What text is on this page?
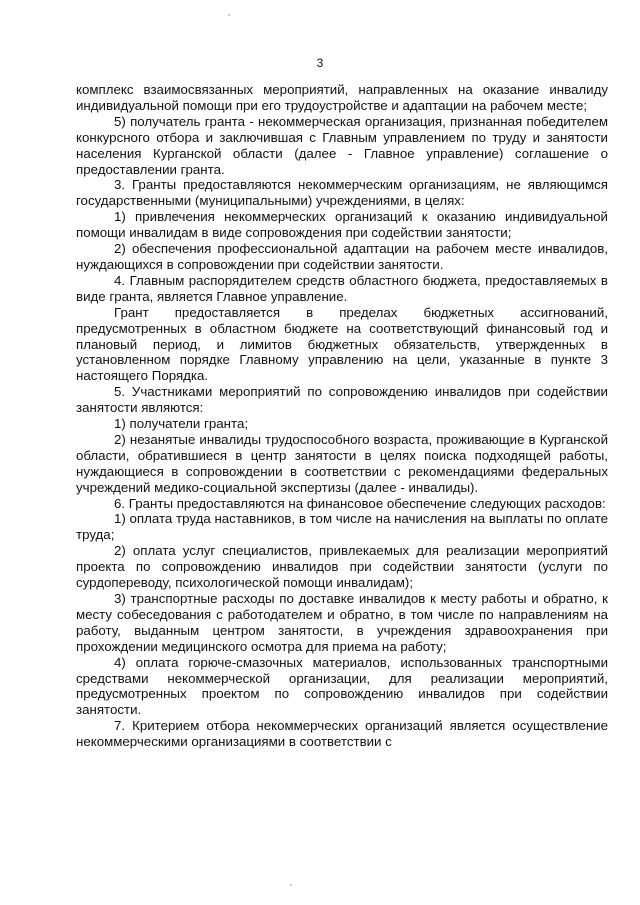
3

комплекс взаимосвязанных мероприятий, направленных на оказание инвалиду индивидуальной помощи при его трудоустройстве и адаптации на рабочем месте;

5) получатель гранта - некоммерческая организация, признанная победителем конкурсного отбора и заключившая с Главным управлением по труду и занятости населения Курганской области (далее - Главное управление) соглашение о предоставлении гранта.

3. Гранты предоставляются некоммерческим организациям, не являющимся государственными (муниципальными) учреждениями, в целях:

1) привлечения некоммерческих организаций к оказанию индивидуальной помощи инвалидам в виде сопровождения при содействии занятости;

2) обеспечения профессиональной адаптации на рабочем месте инвалидов, нуждающихся в сопровождении при содействии занятости.

4. Главным распорядителем средств областного бюджета, предоставляемых в виде гранта, является Главное управление.

Грант предоставляется в пределах бюджетных ассигнований, предусмотренных в областном бюджете на соответствующий финансовый год и плановый период, и лимитов бюджетных обязательств, утвержденных в установленном порядке Главному управлению на цели, указанные в пункте 3 настоящего Порядка.

5. Участниками мероприятий по сопровождению инвалидов при содействии занятости являются:

1) получатели гранта;

2) незанятые инвалиды трудоспособного возраста, проживающие в Курганской области, обратившиеся в центр занятости в целях поиска подходящей работы, нуждающиеся в сопровождении в соответствии с рекомендациями федеральных учреждений медико-социальной экспертизы (далее - инвалиды).

6. Гранты предоставляются на финансовое обеспечение следующих расходов:

1) оплата труда наставников, в том числе на начисления на выплаты по оплате труда;

2) оплата услуг специалистов, привлекаемых для реализации мероприятий проекта по сопровождению инвалидов при содействии занятости (услуги по сурдопереводу, психологической помощи инвалидам);

3) транспортные расходы по доставке инвалидов к месту работы и обратно, к месту собеседования с работодателем и обратно, в том числе по направлениям на работу, выданным центром занятости, в учреждения здравоохранения при прохождении медицинского осмотра для приема на работу;

4) оплата горюче-смазочных материалов, использованных транспортными средствами некоммерческой организации, для реализации мероприятий, предусмотренных проектом по сопровождению инвалидов при содействии занятости.

7. Критерием отбора некоммерческих организаций является осуществление некоммерческими организациями в соответствии с
